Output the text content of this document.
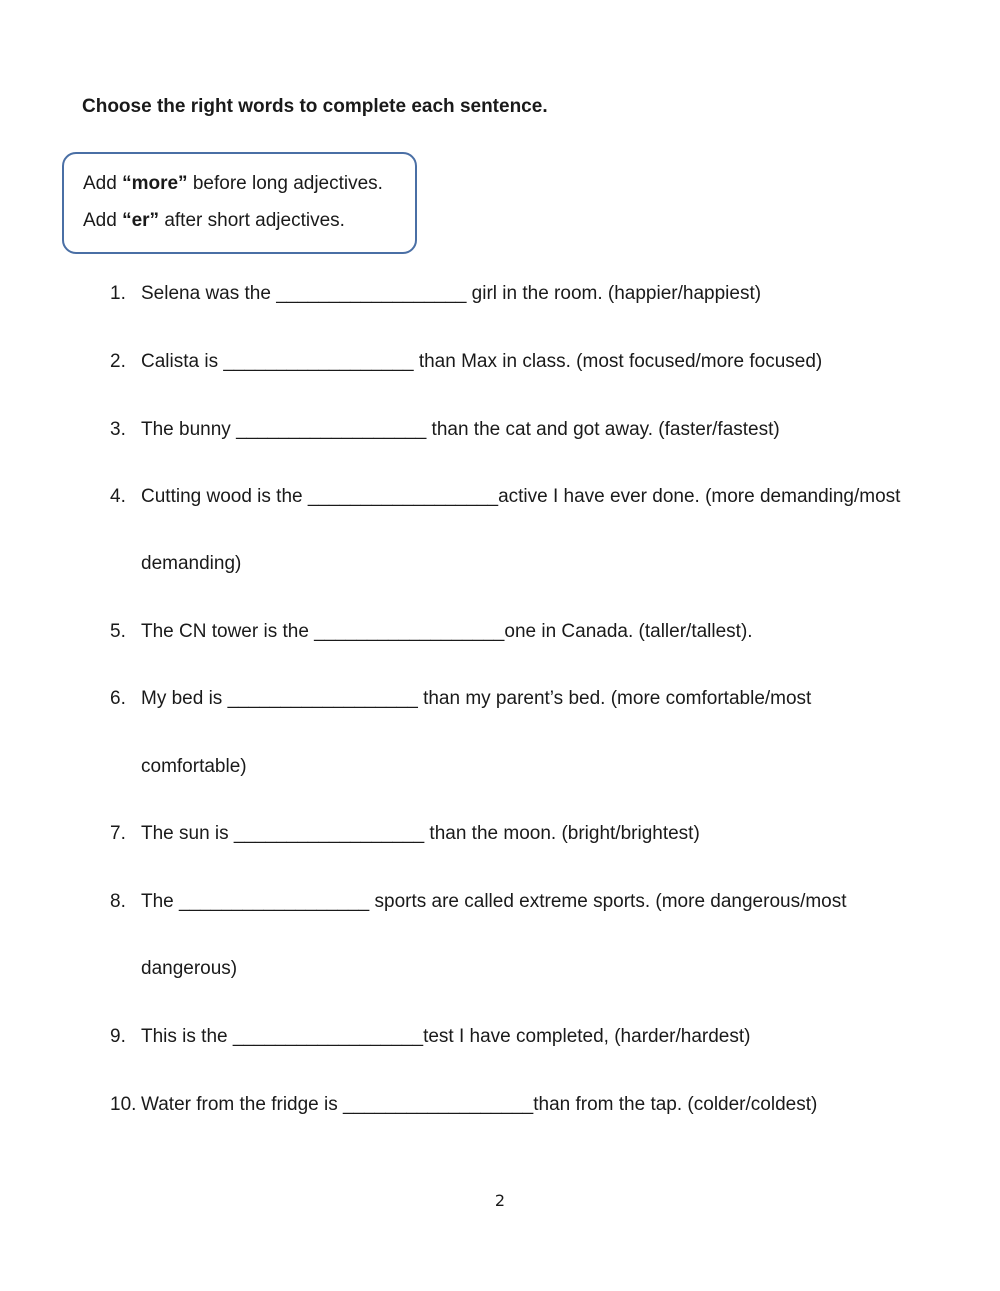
Choose the right words to complete each sentence.
Add “more” before long adjectives.
Add “er” after short adjectives.
1. Selena was the __________________ girl in the room. (happier/happiest)
2. Calista is __________________ than Max in class. (most focused/more focused)
3. The bunny __________________ than the cat and got away. (faster/fastest)
4. Cutting wood is the __________________active I have ever done. (more demanding/most
demanding)
5. The CN tower is the __________________one in Canada. (taller/tallest).
6. My bed is __________________ than my parent’s bed. (more comfortable/most
comfortable)
7. The sun is __________________ than the moon. (bright/brightest)
8. The __________________ sports are called extreme sports. (more dangerous/most
dangerous)
9. This is the __________________test I have completed, (harder/hardest)
10. Water from the fridge is __________________than from the tap. (colder/coldest)
2
